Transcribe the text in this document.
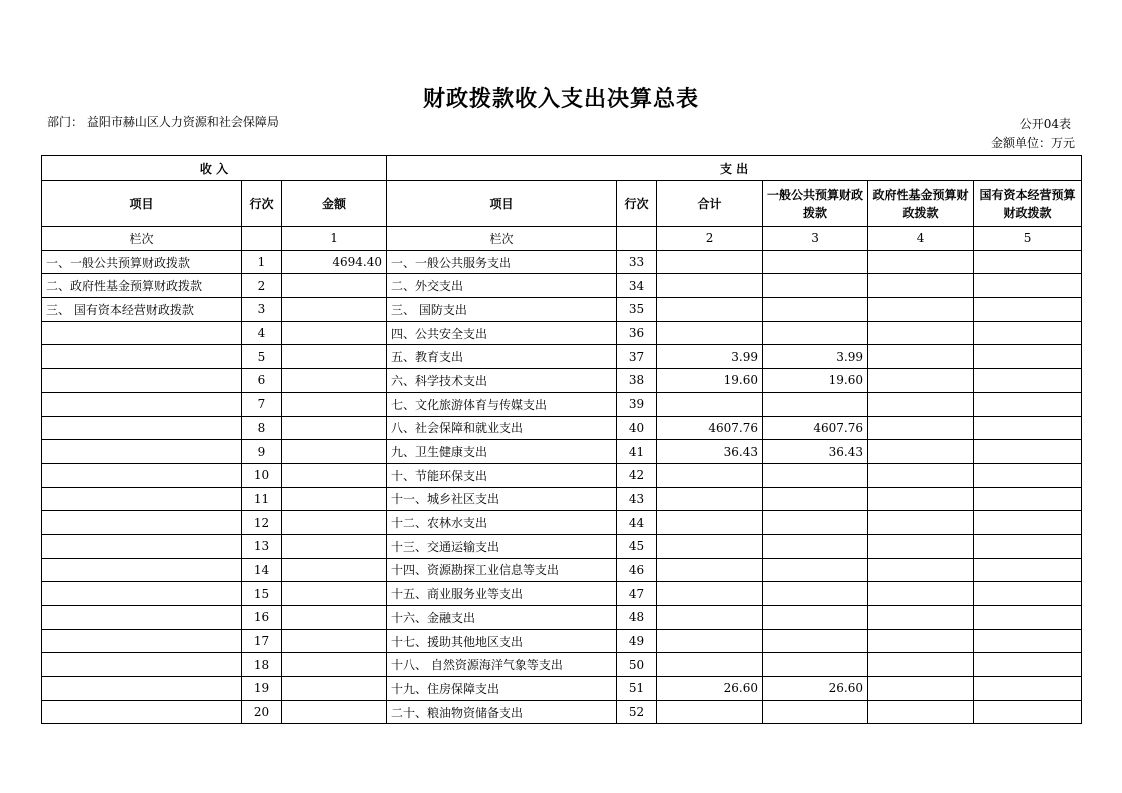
财政拨款收入支出决算总表
部门： 益阳市赫山区人力资源和社会保障局	公开04表
金额单位：万元
收 入			支 出					
项目	行次	金额	项目	行次	合计	一般公共预算财政拨款	政府性基金预算财政拨款	国有资本经营预算财政拨款
栏次		1	栏次		2	3	4	5
一、一般公共预算财政拨款	1	4694.40	一、一般公共服务支出	33				
二、政府性基金预算财政拨款	2		二、外交支出	34				
三、 国有资本经营财政拨款	3		三、 国防支出	35				
	4		四、公共安全支出	36				
	5		五、教育支出	37	3.99	3.99		
	6		六、科学技术支出	38	19.60	19.60		
	7		七、文化旅游体育与传媒支出	39				
	8		八、社会保障和就业支出	40	4607.76	4607.76		
	9		九、卫生健康支出	41	36.43	36.43		
	10		十、节能环保支出	42				
	11		十一、城乡社区支出	43				
	12		十二、农林水支出	44				
	13		十三、交通运输支出	45				
	14		十四、资源勘探工业信息等支出	46				
	15		十五、商业服务业等支出	47				
	16		十六、金融支出	48				
	17		十七、援助其他地区支出	49				
	18		十八、 自然资源海洋气象等支出	50				
	19		十九、住房保障支出	51	26.60	26.60		
	20		二十、粮油物资储备支出	52				
